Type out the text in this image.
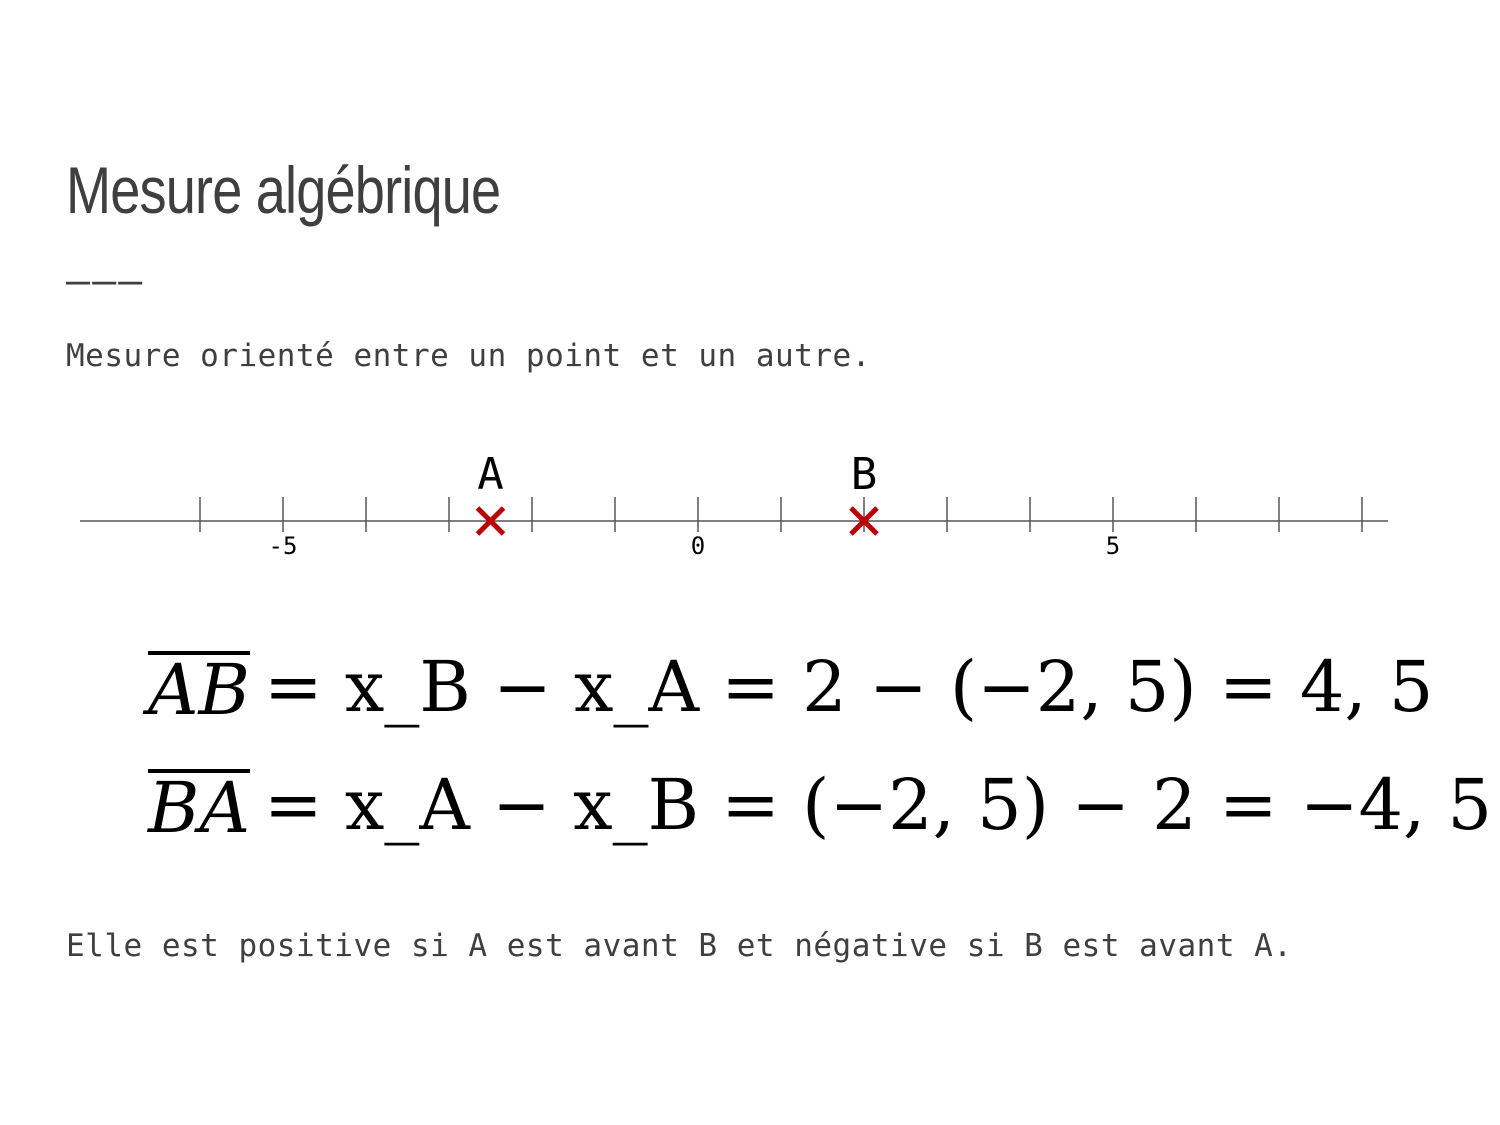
Mesure algébrique
———

Mesure orienté entre un point et un autre.

-5	0	5
A	B
AB = x_B − x_A = 2 − (−2, 5) = 4, 5
BA = x_A − x_B = (−2, 5) − 2 = −4, 5

Elle est positive si A est avant B et négative si B est avant A.
